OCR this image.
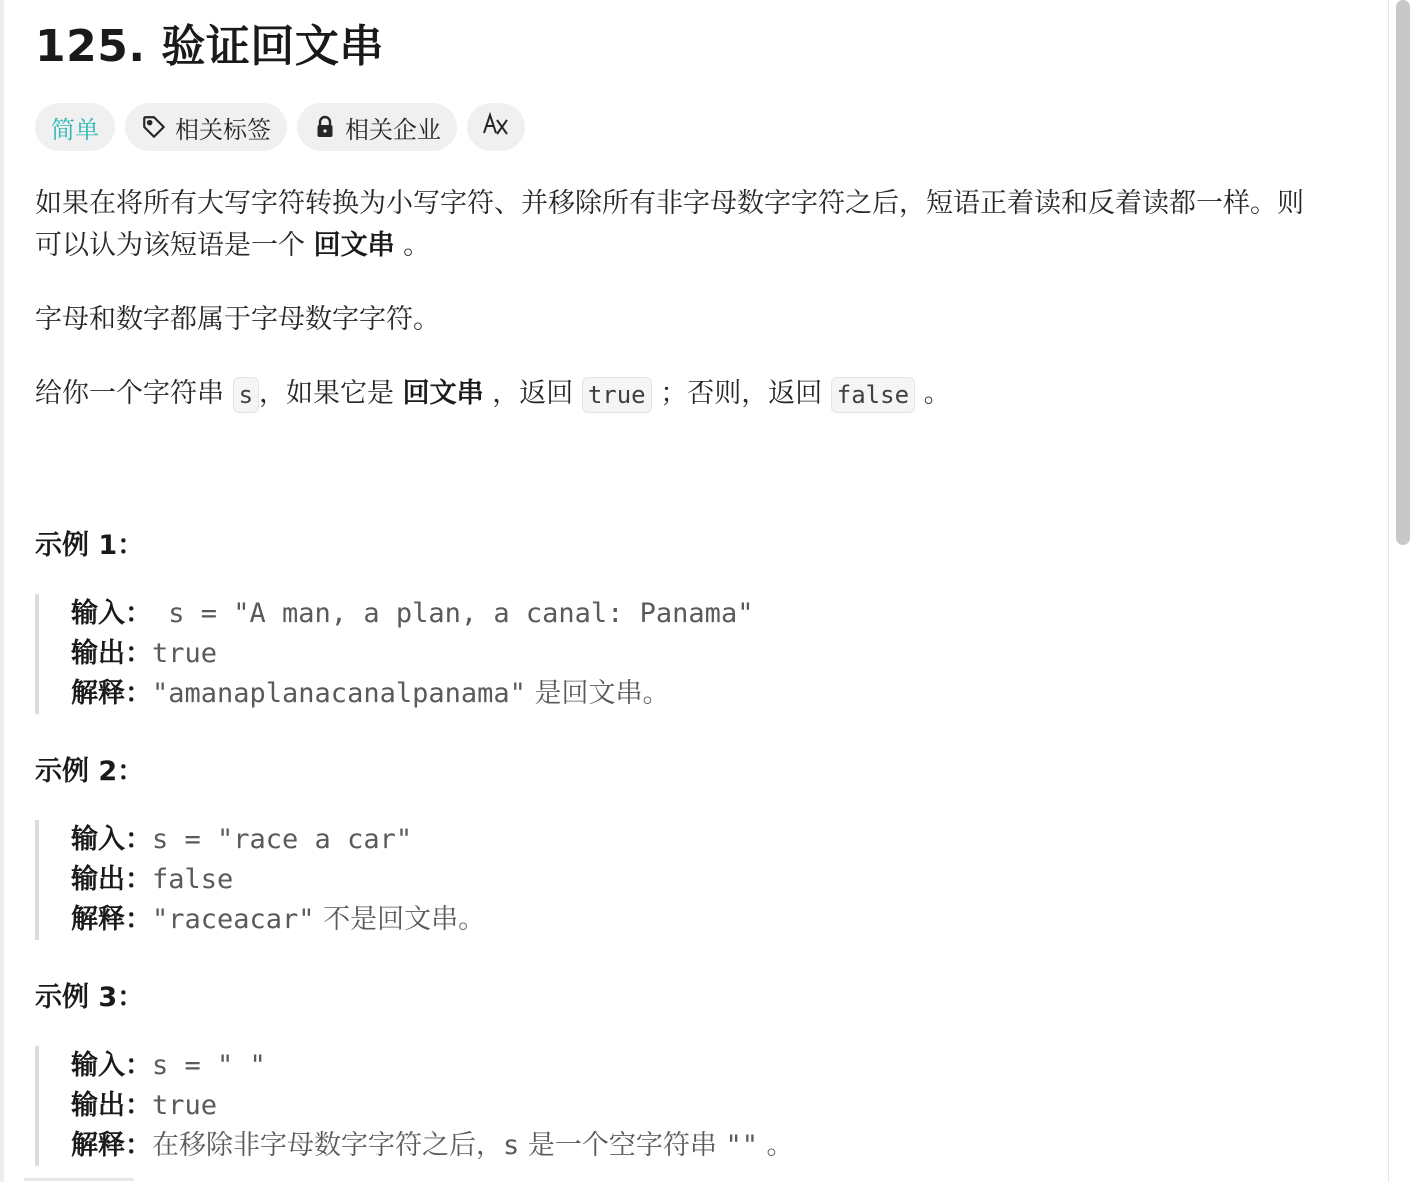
125. 验证回文串
简单	相关标签	相关企业
如果在将所有大写字符转换为小写字符、并移除所有非字母数字字符之后，短语正着读和反着读都一样。则
可以认为该短语是一个 回文串 。
字母和数字都属于字母数字字符。
给你一个字符串 s ，如果它是 回文串 ，返回 true ；否则，返回 false 。
示例 1：
输入： s = "A man, a plan, a canal: Panama"
输出：true
解释："amanaplanacanalpanama" 是回文串。
示例 2：
输入：s = "race a car"
输出：false
解释："raceacar" 不是回文串。
示例 3：
输入：s = " "
输出：true
解释：在移除非字母数字字符之后，s 是一个空字符串 "" 。
